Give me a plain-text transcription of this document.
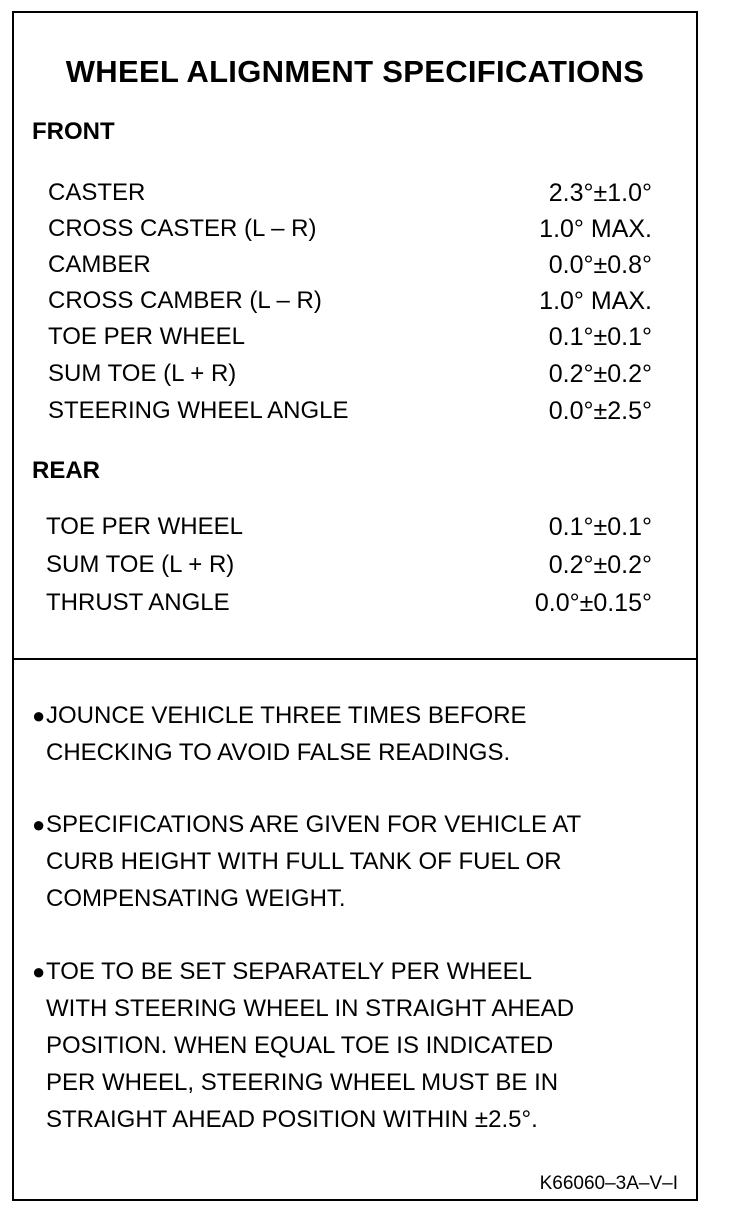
WHEEL ALIGNMENT SPECIFICATIONS
FRONT
CASTER	2.3°±1.0°
CROSS CASTER (L – R)	1.0° MAX.
CAMBER	0.0°±0.8°
CROSS CAMBER (L – R)	1.0° MAX.
TOE PER WHEEL	0.1°±0.1°
SUM TOE (L + R)	0.2°±0.2°
STEERING WHEEL ANGLE	0.0°±2.5°
REAR
TOE PER WHEEL	0.1°±0.1°
SUM TOE (L + R)	0.2°±0.2°
THRUST ANGLE	0.0°±0.15°
● JOUNCE VEHICLE THREE TIMES BEFORE
CHECKING TO AVOID FALSE READINGS.
● SPECIFICATIONS ARE GIVEN FOR VEHICLE AT
CURB HEIGHT WITH FULL TANK OF FUEL OR
COMPENSATING WEIGHT.
● TOE TO BE SET SEPARATELY PER WHEEL
WITH STEERING WHEEL IN STRAIGHT AHEAD
POSITION. WHEN EQUAL TOE IS INDICATED
PER WHEEL, STEERING WHEEL MUST BE IN
STRAIGHT AHEAD POSITION WITHIN ±2.5°.
K66060–3A–V–I
